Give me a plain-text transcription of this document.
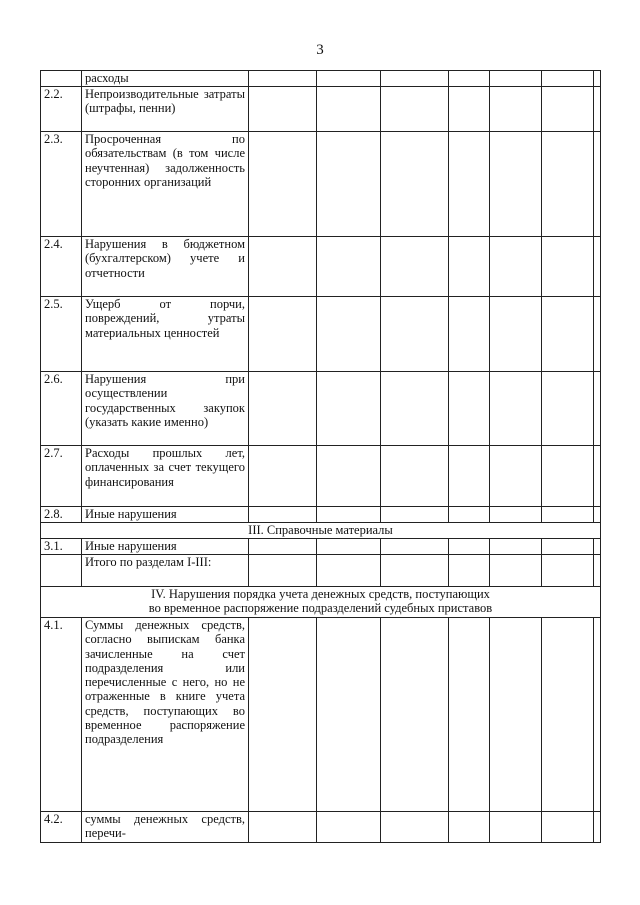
3
	расходы							
2.2.	Непроизводительные затраты (штрафы, пенни)							
2.3.	Просроченная по обязательствам (в том числе неучтенная) задолженность сторонних организаций							
2.4.	Нарушения в бюджетном (бухгалтерском) учете и отчетности							
2.5.	Ущерб от порчи, повреждений, утраты материальных ценностей							
2.6.	Нарушения при осуществлении государственных закупок (указать какие именно)							
2.7.	Расходы прошлых лет, оплаченных за счет текущего финансирования							
2.8.	Иные нарушения							
III. Справочные материалы								
3.1.	Иные нарушения							
	Итого по разделам I-III:							

IV. Нарушения порядка учета денежных средств, поступающих
во временное распоряжение подразделений судебных приставов								

4.1.	Суммы денежных средств, согласно выпискам банка зачисленные на счет подразделения или перечисленные с него, но не отраженные в книге учета средств, поступающих во временное распоряжение подразделения							
4.2.	суммы денежных средств, перечи-							
